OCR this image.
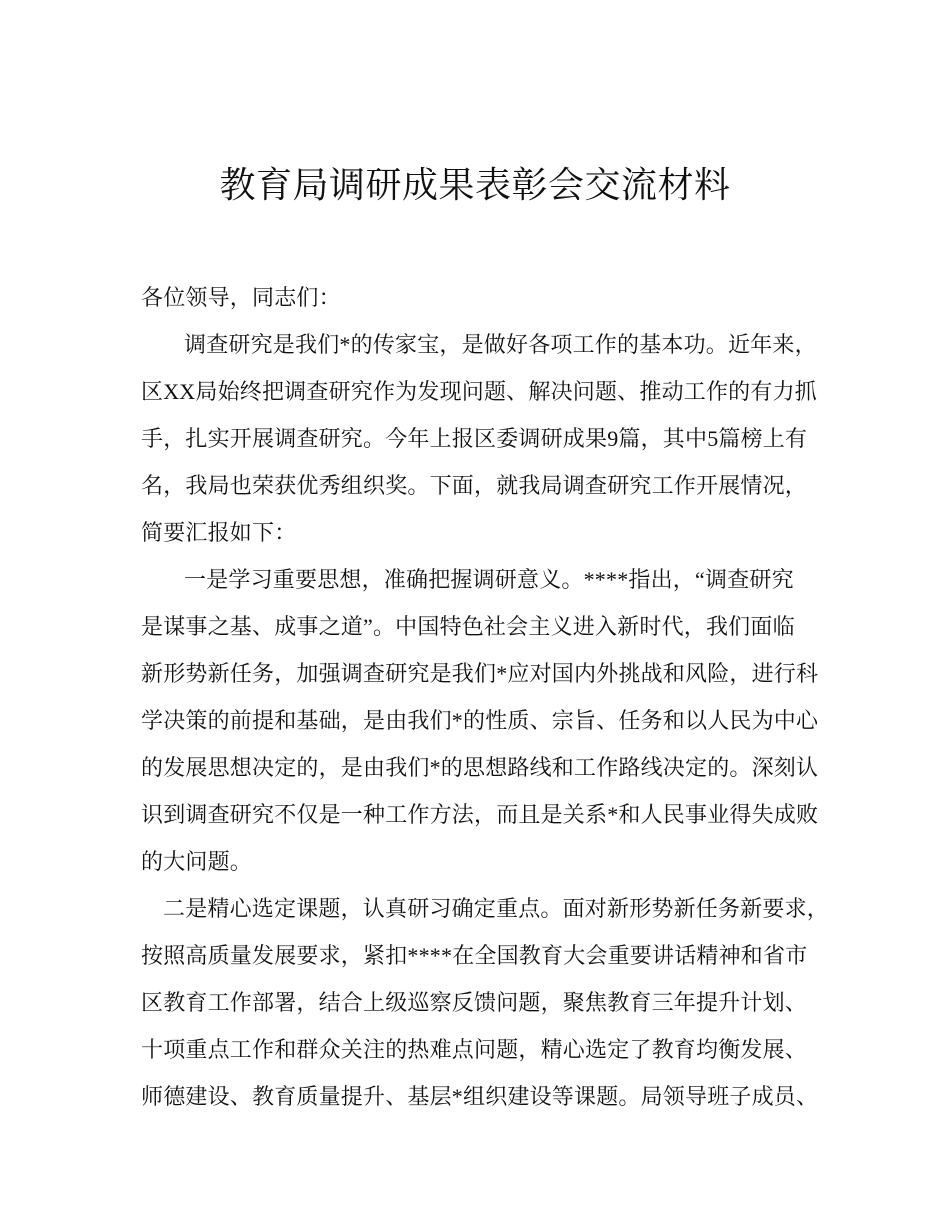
教育局调研成果表彰会交流材料
各位领导，同志们：
调查研究是我们*的传家宝，是做好各项工作的基本功。近年来，
区XX局始终把调查研究作为发现问题、解决问题、推动工作的有力抓
手，扎实开展调查研究。今年上报区委调研成果9篇，其中5篇榜上有
名，我局也荣获优秀组织奖。下面，就我局调查研究工作开展情况，
简要汇报如下：
一是学习重要思想，准确把握调研意义。****指出，“调查研究
是谋事之基、成事之道”。中国特色社会主义进入新时代，我们面临
新形势新任务，加强调查研究是我们*应对国内外挑战和风险，进行科
学决策的前提和基础，是由我们*的性质、宗旨、任务和以人民为中心
的发展思想决定的，是由我们*的思想路线和工作路线决定的。深刻认
识到调查研究不仅是一种工作方法，而且是关系*和人民事业得失成败
的大问题。
二是精心选定课题，认真研习确定重点。面对新形势新任务新要求，
按照高质量发展要求，紧扣****在全国教育大会重要讲话精神和省市
区教育工作部署，结合上级巡察反馈问题，聚焦教育三年提升计划、
十项重点工作和群众关注的热难点问题，精心选定了教育均衡发展、
师德建设、教育质量提升、基层*组织建设等课题。局领导班子成员、
